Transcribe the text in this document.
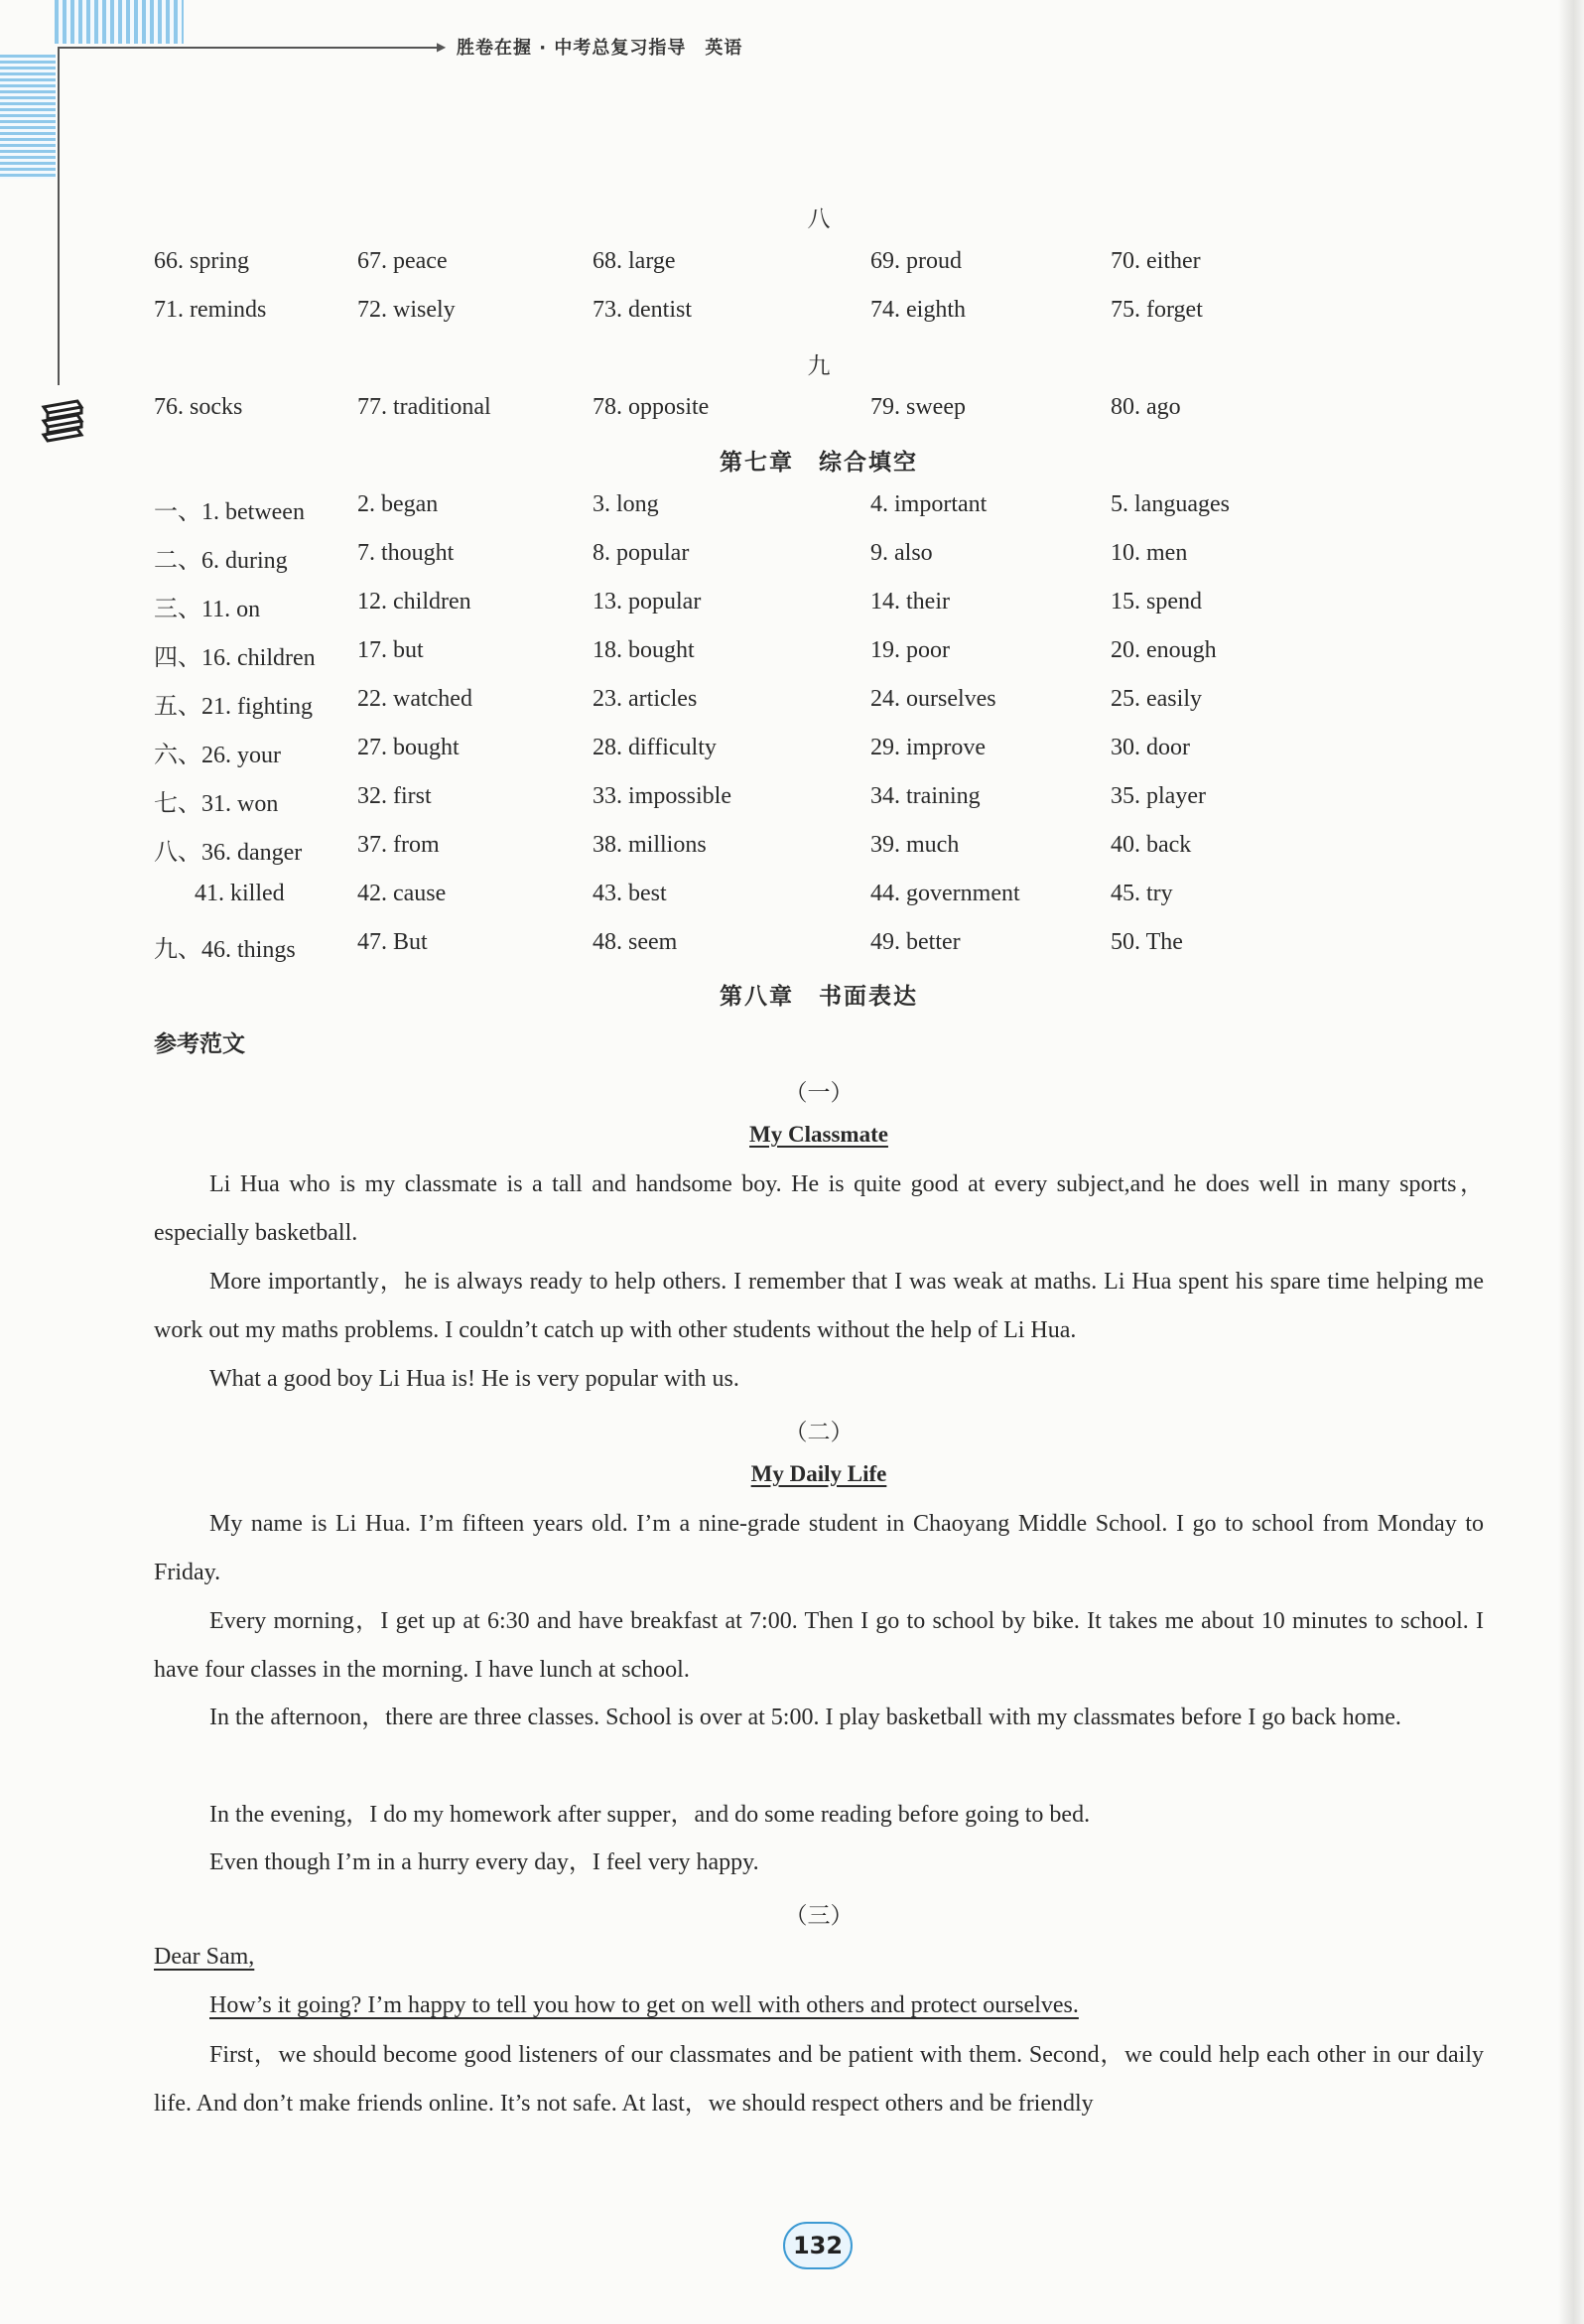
▶ 胜卷在握 · 中考总复习指导　英语
八
66. spring	67. peace	68. large	69. proud	70. either
71. reminds	72. wisely	73. dentist	74. eighth	75. forget
九
76. socks	77. traditional	78. opposite	79. sweep	80. ago
第七章　综合填空
一、1. between 2. began	3. long	4. important	5. languages
二、6. during	7. thought	8. popular	9. also	10. men
三、11. on	12. children	13. popular	14. their	15. spend
四、16. children 17. but	18. bought	19. poor	20. enough
五、21. fighting 22. watched	23. articles	24. ourselves	25. easily
六、26. your	27. bought	28. difficulty	29. improve	30. door
七、31. won	32. first	33. impossible	34. training	35. player
八、36. danger 37. from	38. millions	39. much	40. back
41. killed	42. cause	43. best	44. government	45. try
九、46. things	47. But	48. seem	49. better	50. The
第八章　书面表达
参考范文
（一）
My Classmate
Li Hua who is my classmate is a tall and handsome boy. He is quite good at every subject,and he does well in many sports，especially basketball.
More importantly，he is always ready to help others. I remember that I was weak at maths. Li Hua spent his spare time helping me work out my maths problems. I couldn’t catch up with other students without the help of Li Hua.
What a good boy Li Hua is! He is very popular with us.
（二）
My Daily Life
My name is Li Hua. I’m fifteen years old. I’m a nine-grade student in Chaoyang Middle School. I go to school from Monday to Friday.
Every morning，I get up at 6:30 and have breakfast at 7:00. Then I go to school by bike. It takes me about 10 minutes to school. I have four classes in the morning. I have lunch at school.
In the afternoon，there are three classes. School is over at 5:00. I play basketball with my classmates before I go back home.
In the evening，I do my homework after supper，and do some reading before going to bed.
Even though I’m in a hurry every day，I feel very happy.
（三）
Dear Sam,
How’s it going? I’m happy to tell you how to get on well with others and protect ourselves.
First，we should become good listeners of our classmates and be patient with them. Second，we could help each other in our daily life. And don’t make friends online. It’s not safe. At last，we should respect others and be friendly
132
